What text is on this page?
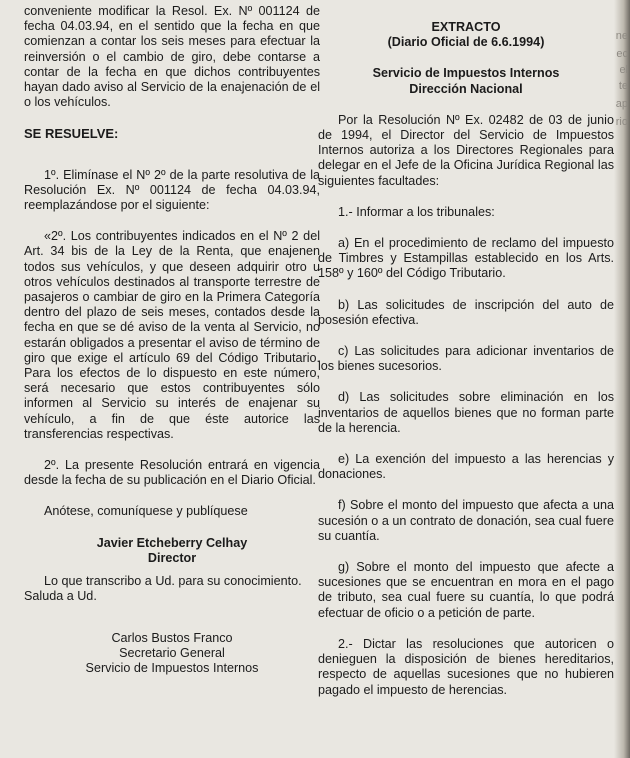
conveniente modificar la Resol. Ex. Nº 001124 de fecha 04.03.94, en el sentido que la fecha en que comienzan a contar los seis meses para efectuar la reinversión o el cambio de giro, debe contarse a contar de la fecha en que dichos contribuyentes hayan dado aviso al Servicio de la enajenación de el o los vehículos.

SE RESUELVE:

1º. Elimínase el Nº 2º de la parte resolutiva de la Resolución Ex. Nº 001124 de fecha 04.03.94, reemplazándose por el siguiente:

«2º. Los contribuyentes indicados en el Nº 2 del Art. 34 bis de la Ley de la Renta, que enajenen todos sus vehículos, y que deseen adquirir otro u otros vehículos destinados al transporte terrestre de pasajeros o cambiar de giro en la Primera Categoría dentro del plazo de seis meses, contados desde la fecha en que se dé aviso de la venta al Servicio, no estarán obligados a presentar el aviso de término de giro que exige el artículo 69 del Código Tributario. Para los efectos de lo dispuesto en este número, será necesario que estos contribuyentes sólo informen al Servicio su interés de enajenar su vehículo, a fin de que éste autorice las transferencias respectivas.

2º. La presente Resolución entrará en vigencia desde la fecha de su publicación en el Diario Oficial.

Anótese, comuníquese y publíquese

Javier Etcheberry Celhay

Director

Lo que transcribo a Ud. para su conocimiento. Saluda a Ud.

Carlos Bustos Franco

Secretario General

Servicio de Impuestos Internos

EXTRACTO

(Diario Oficial de 6.6.1994)

Servicio de Impuestos Internos

Dirección Nacional

Por la Resolución Nº Ex. 02482 de 03 de junio de 1994, el Director del Servicio de Impuestos Internos autoriza a los Directores Regionales para delegar en el Jefe de la Oficina Jurídica Regional las siguientes facultades:

1.- Informar a los tribunales:

a) En el procedimiento de reclamo del impuesto de Timbres y Estampillas establecido en los Arts. 158º y 160º del Código Tributario.

b) Las solicitudes de inscripción del auto de posesión efectiva.

c) Las solicitudes para adicionar inventarios de los bienes sucesorios.

d) Las solicitudes sobre eliminación en los inventarios de aquellos bienes que no forman parte de la herencia.

e) La exención del impuesto a las herencias y donaciones.

f) Sobre el monto del impuesto que afecta a una sucesión o a un contrato de donación, sea cual fuere su cuantía.

g) Sobre el monto del impuesto que afecte a sucesiones que se encuentran en mora en el pago de tributo, sea cual fuere su cuantía, lo que podrá efectuar de oficio o a petición de parte.

2.- Dictar las resoluciones que autoricen o denieguen la disposición de bienes hereditarios, respecto de aquellas sucesiones que no hubieren pagado el impuesto de herencias.

ne
ec
el
te
ap
rio
